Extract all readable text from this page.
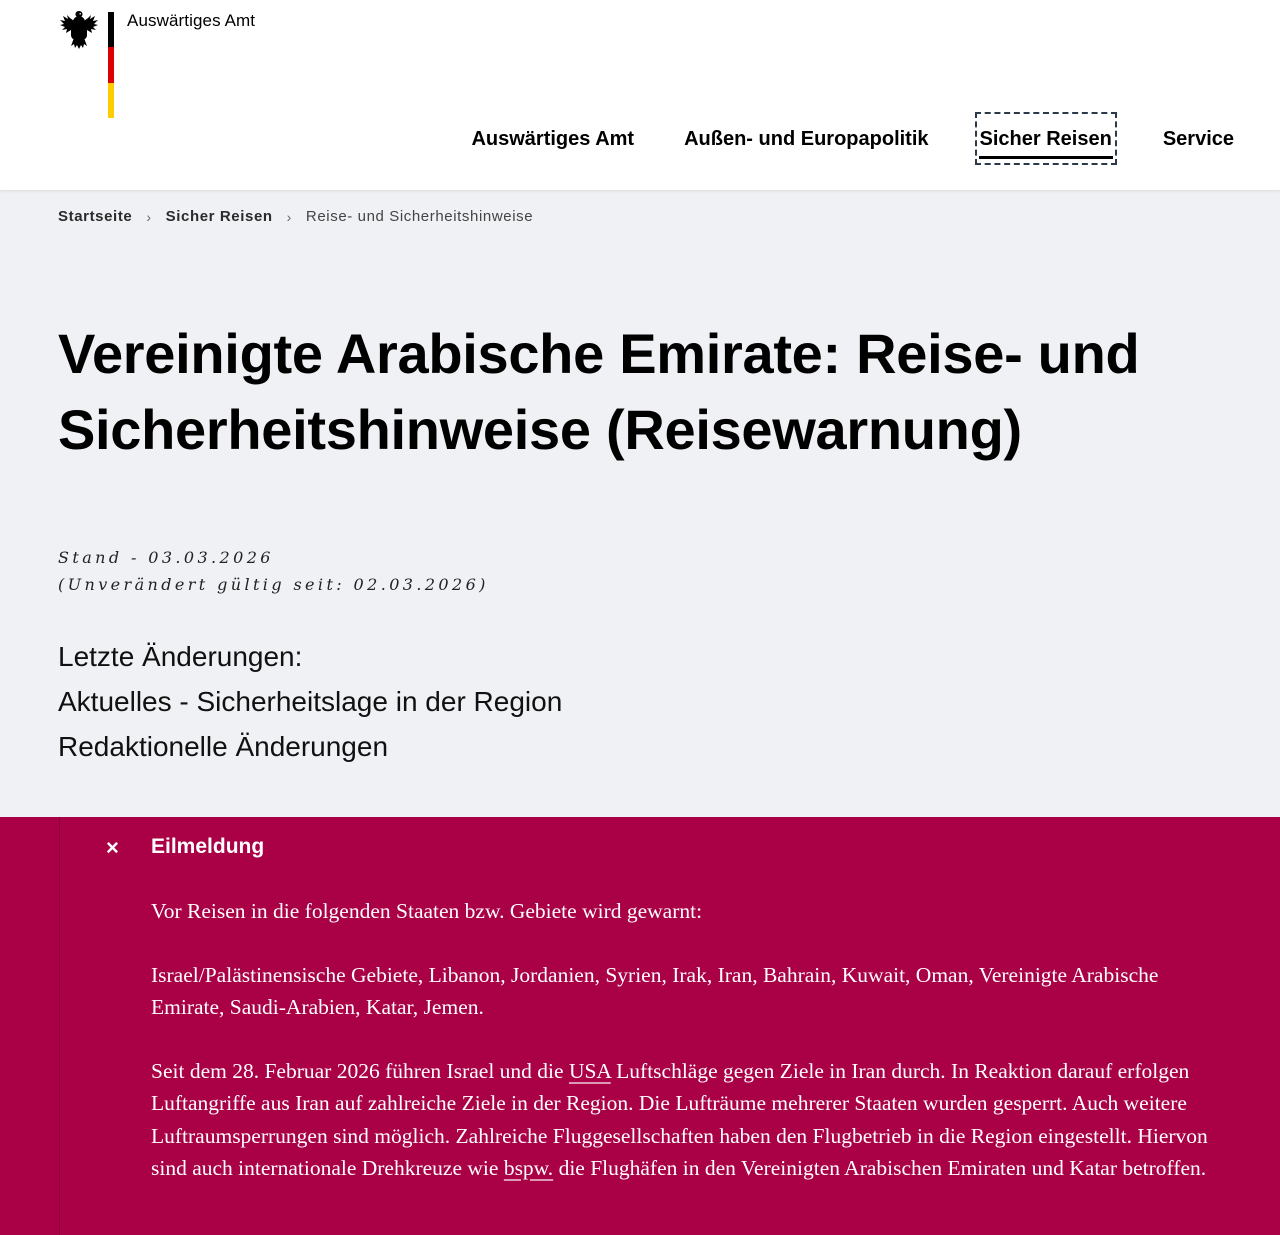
Auswärtiges Amt
Auswärtiges Amt	Außen- und Europapolitik	Sicher Reisen	Service
Startseite › Sicher Reisen › Reise- und Sicherheitshinweise
Vereinigte Arabische Emirate: Reise- und
Sicherheitshinweise (Reisewarnung)
Stand - 03.03.2026
(Unverändert gültig seit: 02.03.2026)
Letzte Änderungen:
Aktuelles - Sicherheitslage in der Region
Redaktionelle Änderungen
× Eilmeldung

Vor Reisen in die folgenden Staaten bzw. Gebiete wird gewarnt:

Israel/Palästinensische Gebiete, Libanon, Jordanien, Syrien, Irak, Iran, Bahrain, Kuwait, Oman, Vereinigte Arabische Emirate, Saudi-Arabien, Katar, Jemen.

Seit dem 28. Februar 2026 führen Israel und die USA Luftschläge gegen Ziele in Iran durch. In Reaktion darauf erfolgen Luftangriffe aus Iran auf zahlreiche Ziele in der Region. Die Lufträume mehrerer Staaten wurden gesperrt. Auch weitere Luftraumsperrungen sind möglich. Zahlreiche Fluggesellschaften haben den Flugbetrieb in die Region eingestellt. Hiervon sind auch internationale Drehkreuze wie bspw. die Flughäfen in den Vereinigten Arabischen Emiraten und Katar betroffen.
